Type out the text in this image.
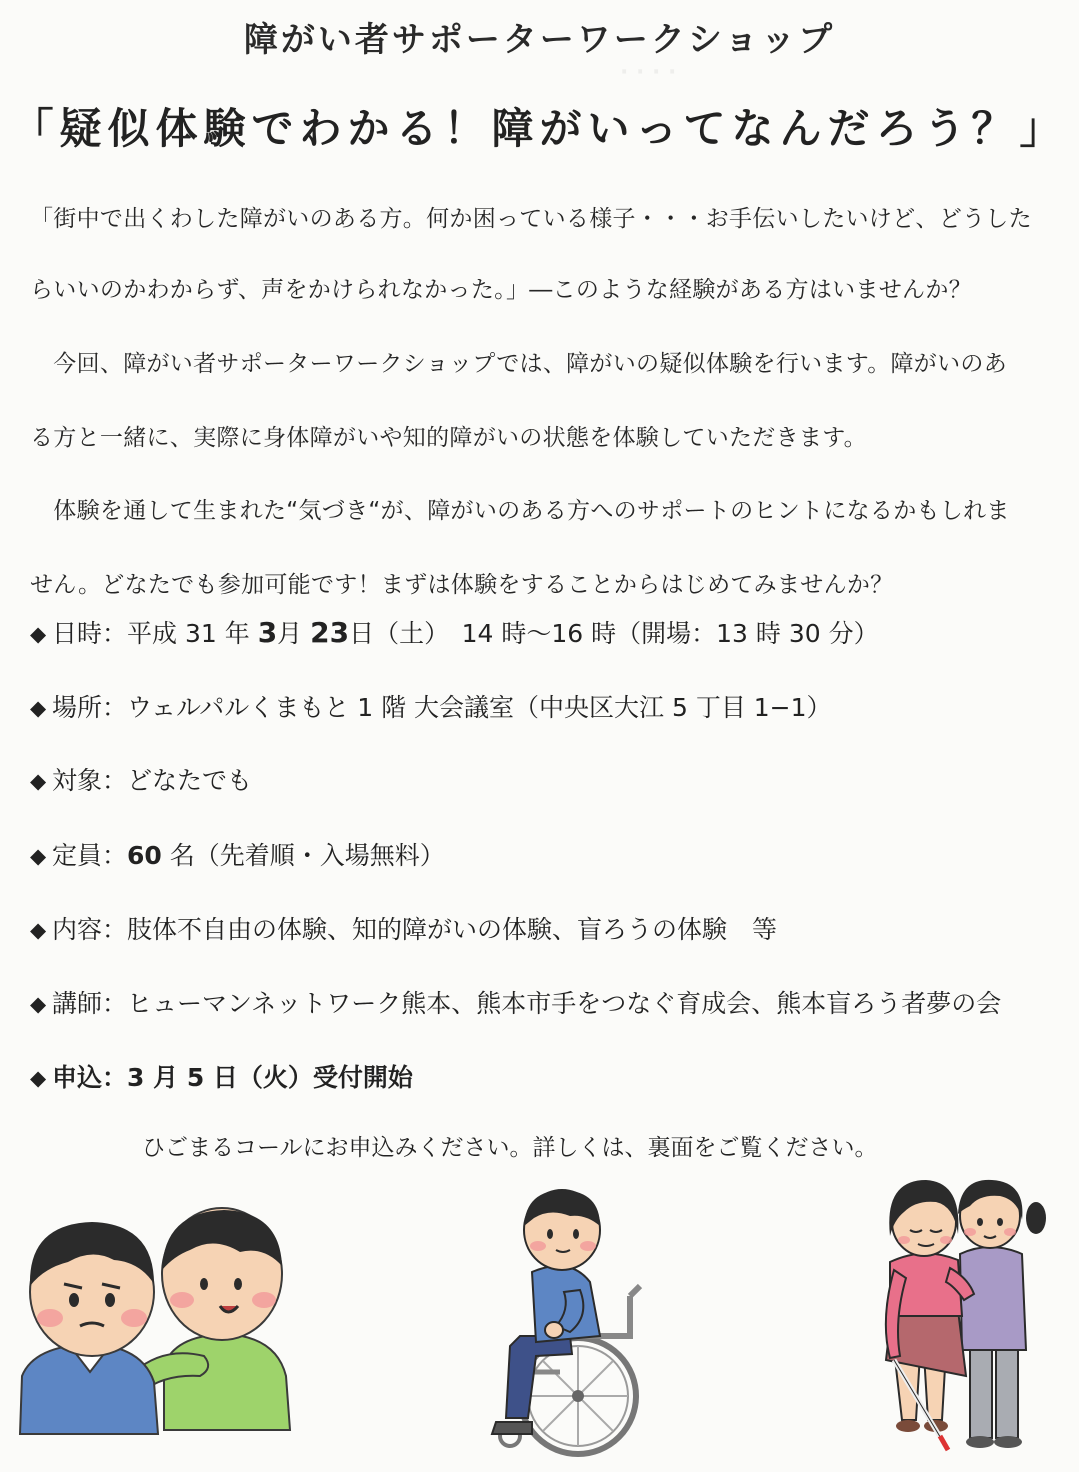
· · · ·
障がい者サポーターワークショップ
「疑似体験でわかる！障がいってなんだろう？」
「街中で出くわした障がいのある方。何か困っている様子・・・お手伝いしたいけど、どうした
らいいのかわからず、声をかけられなかった。」―このような経験がある方はいませんか？
　今回、障がい者サポーターワークショップでは、障がいの疑似体験を行います。障がいのあ
る方と一緒に、実際に身体障がいや知的障がいの状態を体験していただきます。
　体験を通して生まれた“気づき“が、障がいのある方へのサポートのヒントになるかもしれま
せん。どなたでも参加可能です！まずは体験をすることからはじめてみませんか？
◆ 日時：平成 31 年 3月 23日（土）　14 時～16 時（開場：13 時 30 分）
◆ 場所：ウェルパルくまもと 1 階 大会議室（中央区大江 5 丁目 1−1）
◆ 対象：どなたでも
◆ 定員：60 名（先着順・入場無料）
◆ 内容：肢体不自由の体験、知的障がいの体験、盲ろうの体験　等
◆ 講師：ヒューマンネットワーク熊本、熊本市手をつなぐ育成会、熊本盲ろう者夢の会
◆ 申込：3 月 5 日（火）受付開始
ひごまるコールにお申込みください。詳しくは、裏面をご覧ください。
